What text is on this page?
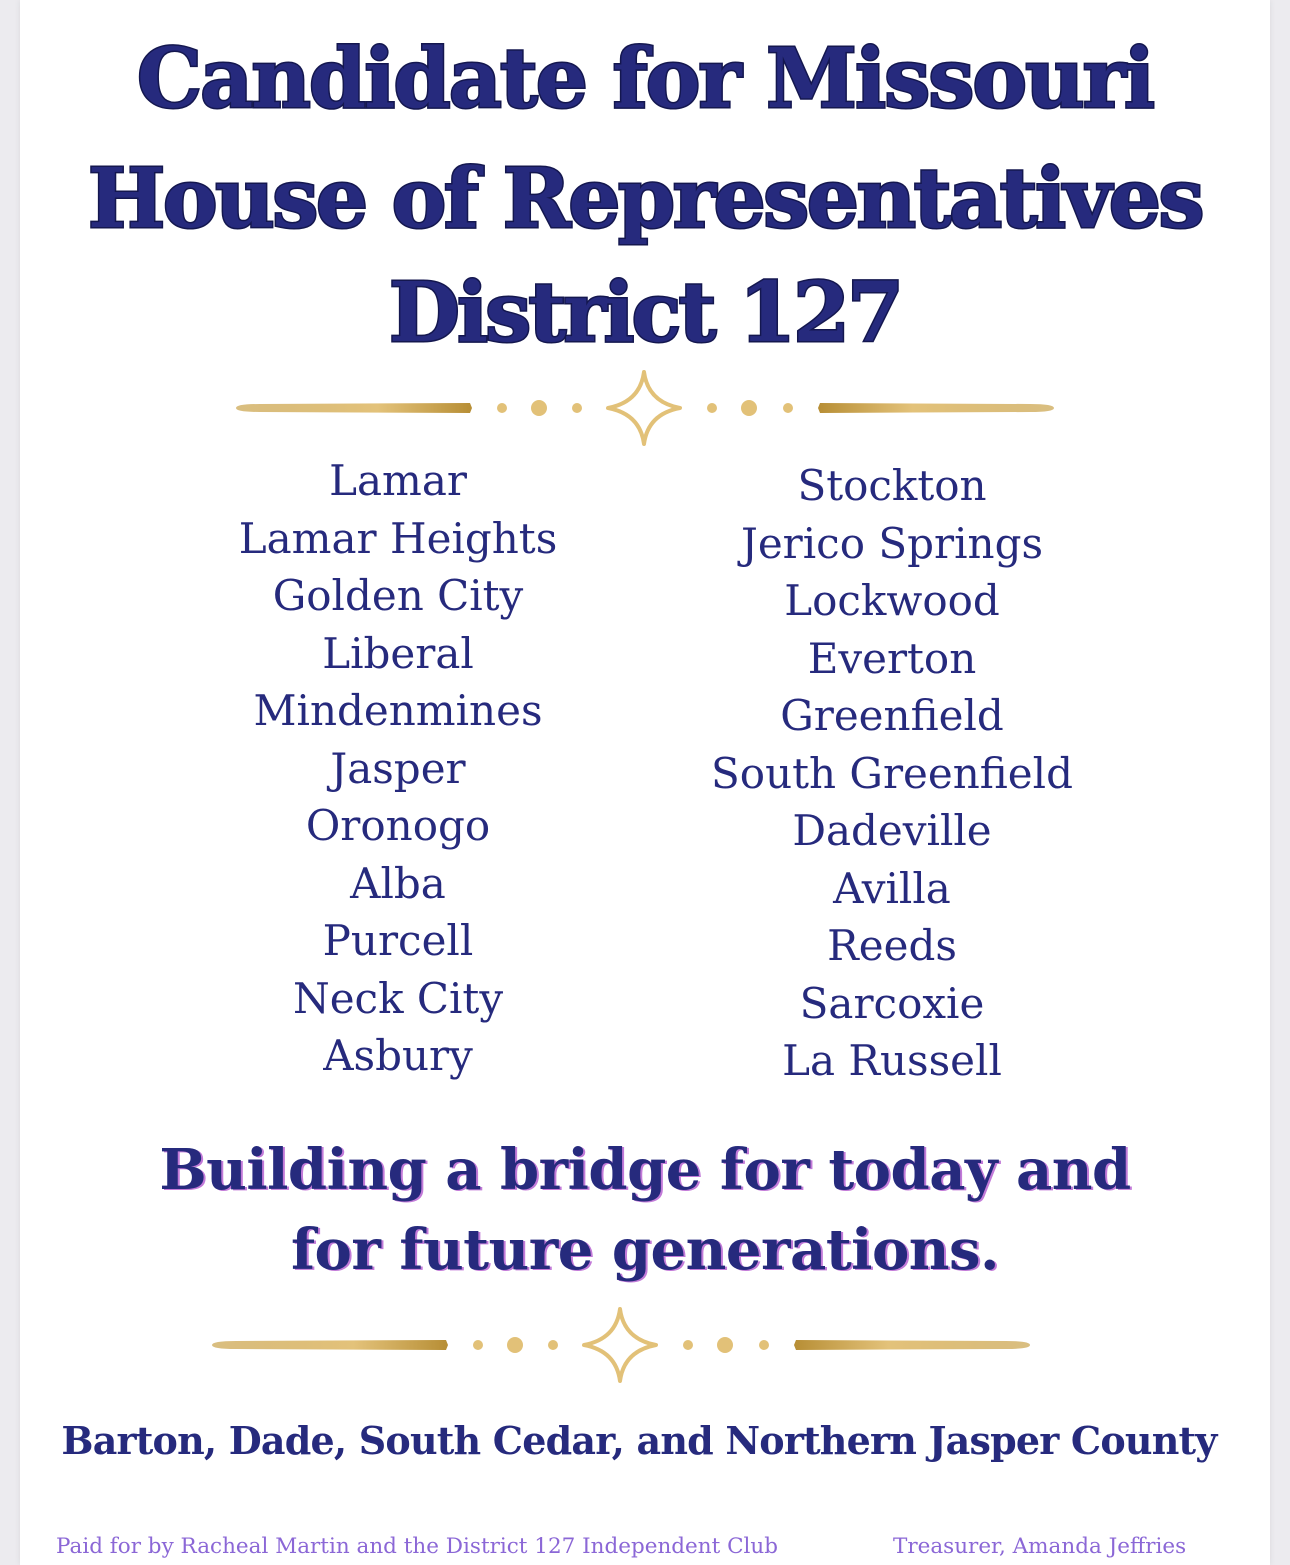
Candidate for Missouri
House of Representatives
District 127
Lamar
Lamar Heights
Golden City
Liberal
Mindenmines
Jasper
Oronogo
Alba
Purcell
Neck City
Asbury
Stockton
Jerico Springs
Lockwood
Everton
Greenfield
South Greenfield
Dadeville
Avilla
Reeds
Sarcoxie
La Russell
Building a bridge for today and
for future generations.

Barton, Dade, South Cedar, and Northern Jasper County

Paid for by Racheal Martin and the District 127 Independent Club	Treasurer, Amanda Jeffries
